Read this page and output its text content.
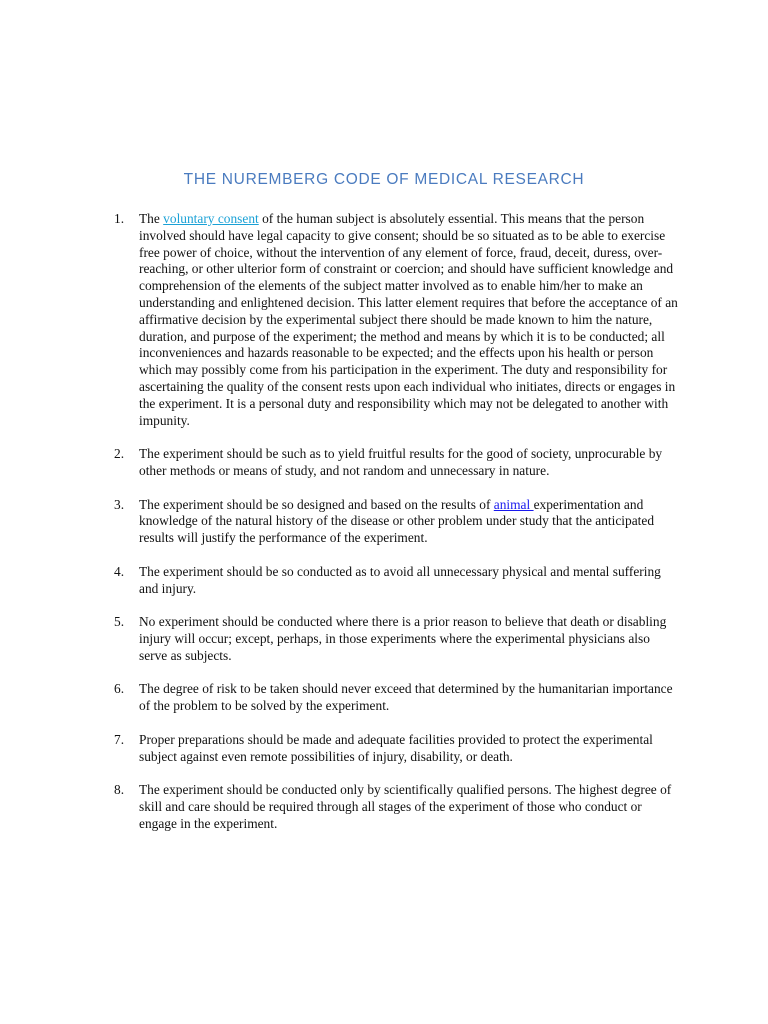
THE NUREMBERG CODE OF MEDICAL RESEARCH
1. The voluntary consent of the human subject is absolutely essential. This means that the person involved should have legal capacity to give consent; should be so situated as to be able to exercise free power of choice, without the intervention of any element of force, fraud, deceit, duress, over-reaching, or other ulterior form of constraint or coercion; and should have sufficient knowledge and comprehension of the elements of the subject matter involved as to enable him/her to make an understanding and enlightened decision. This latter element requires that before the acceptance of an affirmative decision by the experimental subject there should be made known to him the nature, duration, and purpose of the experiment; the method and means by which it is to be conducted; all inconveniences and hazards reasonable to be expected; and the effects upon his health or person which may possibly come from his participation in the experiment. The duty and responsibility for ascertaining the quality of the consent rests upon each individual who initiates, directs or engages in the experiment. It is a personal duty and responsibility which may not be delegated to another with impunity.
2. The experiment should be such as to yield fruitful results for the good of society, unprocurable by other methods or means of study, and not random and unnecessary in nature.
3. The experiment should be so designed and based on the results of animal experimentation and knowledge of the natural history of the disease or other problem under study that the anticipated results will justify the performance of the experiment.
4. The experiment should be so conducted as to avoid all unnecessary physical and mental suffering and injury.
5. No experiment should be conducted where there is a prior reason to believe that death or disabling injury will occur; except, perhaps, in those experiments where the experimental physicians also serve as subjects.
6. The degree of risk to be taken should never exceed that determined by the humanitarian importance of the problem to be solved by the experiment.
7. Proper preparations should be made and adequate facilities provided to protect the experimental subject against even remote possibilities of injury, disability, or death.
8. The experiment should be conducted only by scientifically qualified persons. The highest degree of skill and care should be required through all stages of the experiment of those who conduct or engage in the experiment.
